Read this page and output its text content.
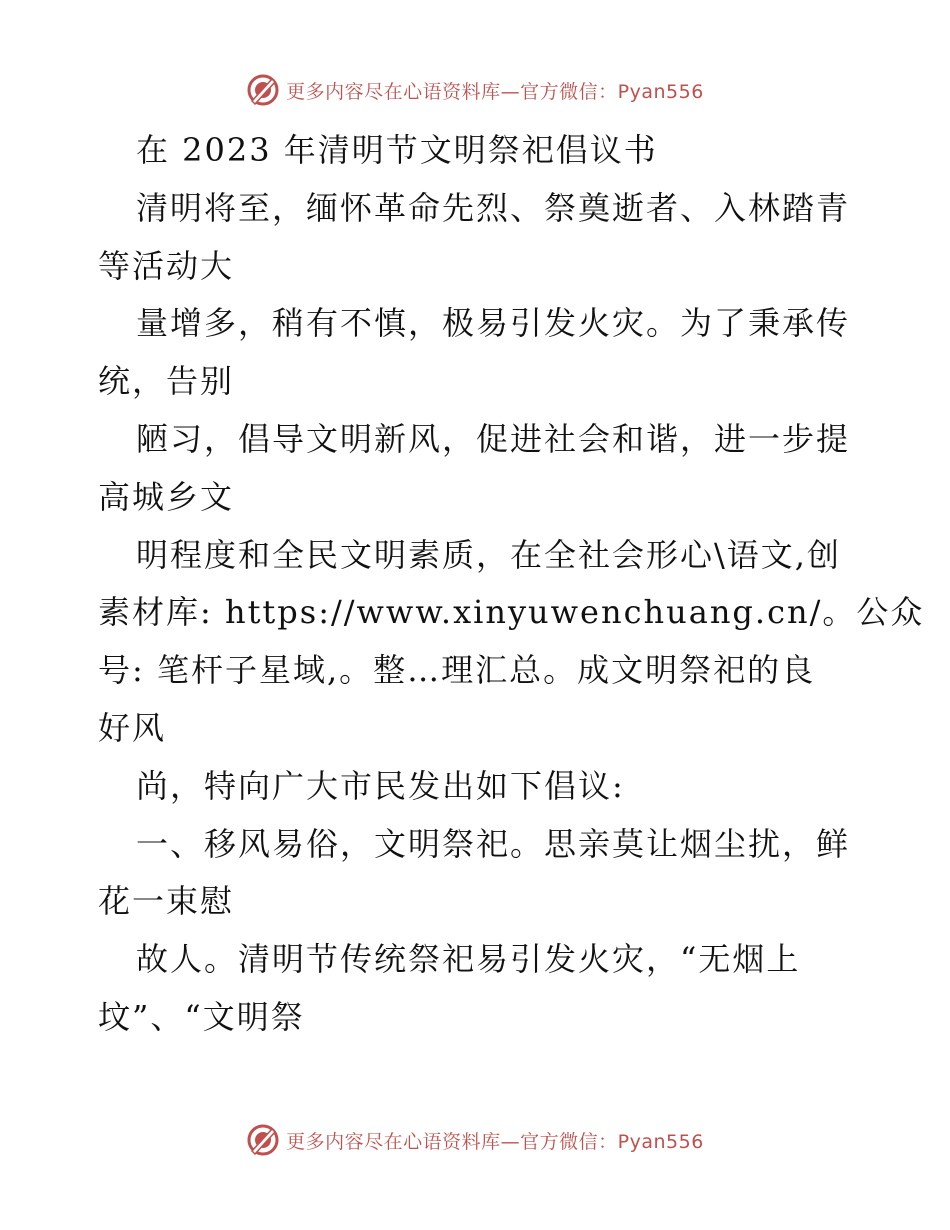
更多内容尽在心语资料库—官方微信：Pyan556
在 2023 年清明节文明祭祀倡议书
清明将至，缅怀革命先烈、祭奠逝者、入林踏青
等活动大
量增多，稍有不慎，极易引发火灾。为了秉承传
统，告别
陋习，倡导文明新风，促进社会和谐，进一步提
高城乡文
明程度和全民文明素质，在全社会形心\语文,创
素材库: https://www.xinyuwenchuang.cn/。公众
号: 笔杆子星域,。整…理汇总。成文明祭祀的良
好风
尚，特向广大市民发出如下倡议:
一、移风易俗，文明祭祀。思亲莫让烟尘扰，鲜
花一束慰
故人。清明节传统祭祀易引发火灾，“无烟上
坟”、“文明祭
更多内容尽在心语资料库—官方微信：Pyan556
